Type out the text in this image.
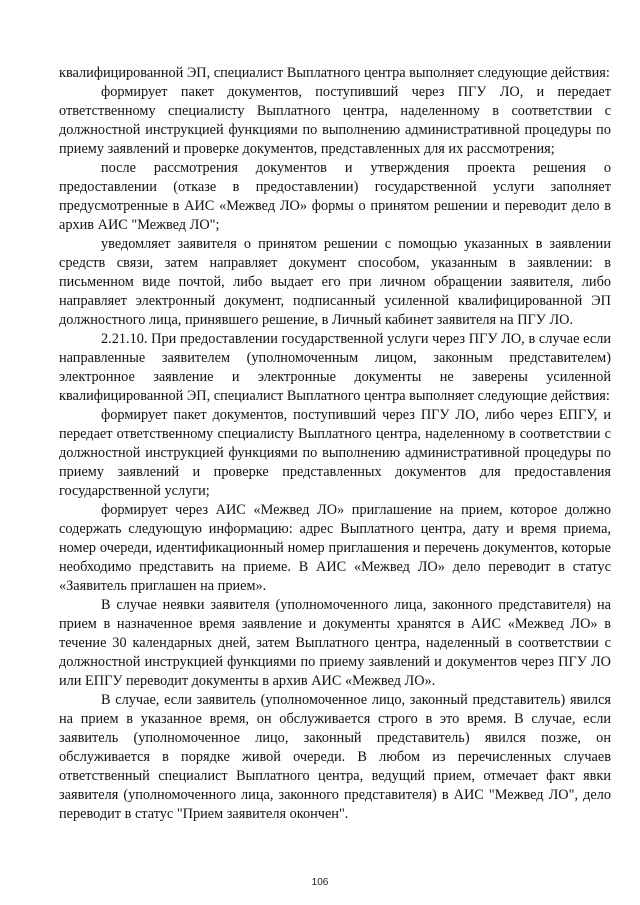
квалифицированной ЭП, специалист Выплатного центра выполняет следующие действия:

формирует пакет документов, поступивший через ПГУ ЛО, и передает ответственному специалисту Выплатного центра, наделенному в соответствии с должностной инструкцией функциями по выполнению административной процедуры по приему заявлений и проверке документов, представленных для их рассмотрения;

после рассмотрения документов и утверждения проекта решения о предоставлении (отказе в предоставлении) государственной услуги заполняет предусмотренные в АИС «Межвед ЛО» формы о принятом решении и переводит дело в архив АИС "Межвед ЛО";

уведомляет заявителя о принятом решении с помощью указанных в заявлении средств связи, затем направляет документ способом, указанным в заявлении: в письменном виде почтой, либо выдает его при личном обращении заявителя, либо направляет электронный документ, подписанный усиленной квалифицированной ЭП должностного лица, принявшего решение, в Личный кабинет заявителя на ПГУ ЛО.

2.21.10. При предоставлении государственной услуги через ПГУ ЛО, в случае если направленные заявителем (уполномоченным лицом, законным представителем) электронное заявление и электронные документы не заверены усиленной квалифицированной ЭП, специалист Выплатного центра выполняет следующие действия:

формирует пакет документов, поступивший через ПГУ ЛО, либо через ЕПГУ, и передает ответственному специалисту Выплатного центра, наделенному в соответствии с должностной инструкцией функциями по выполнению административной процедуры по приему заявлений и проверке представленных документов для предоставления государственной услуги;

формирует через АИС «Межвед ЛО» приглашение на прием, которое должно содержать следующую информацию: адрес Выплатного центра, дату и время приема, номер очереди, идентификационный номер приглашения и перечень документов, которые необходимо представить на приеме. В АИС «Межвед ЛО» дело переводит в статус «Заявитель приглашен на прием».

В случае неявки заявителя (уполномоченного лица, законного представителя) на прием в назначенное время заявление и документы хранятся в АИС «Межвед ЛО» в течение 30 календарных дней, затем Выплатного центра, наделенный в соответствии с должностной инструкцией функциями по приему заявлений и документов через ПГУ ЛО или ЕПГУ переводит документы в архив АИС «Межвед ЛО».

В случае, если заявитель (уполномоченное лицо, законный представитель) явился на прием в указанное время, он обслуживается строго в это время. В случае, если заявитель (уполномоченное лицо, законный представитель) явился позже, он обслуживается в порядке живой очереди. В любом из перечисленных случаев ответственный специалист Выплатного центра, ведущий прием, отмечает факт явки заявителя (уполномоченного лица, законного представителя) в АИС "Межвед ЛО", дело переводит в статус "Прием заявителя окончен".

106
